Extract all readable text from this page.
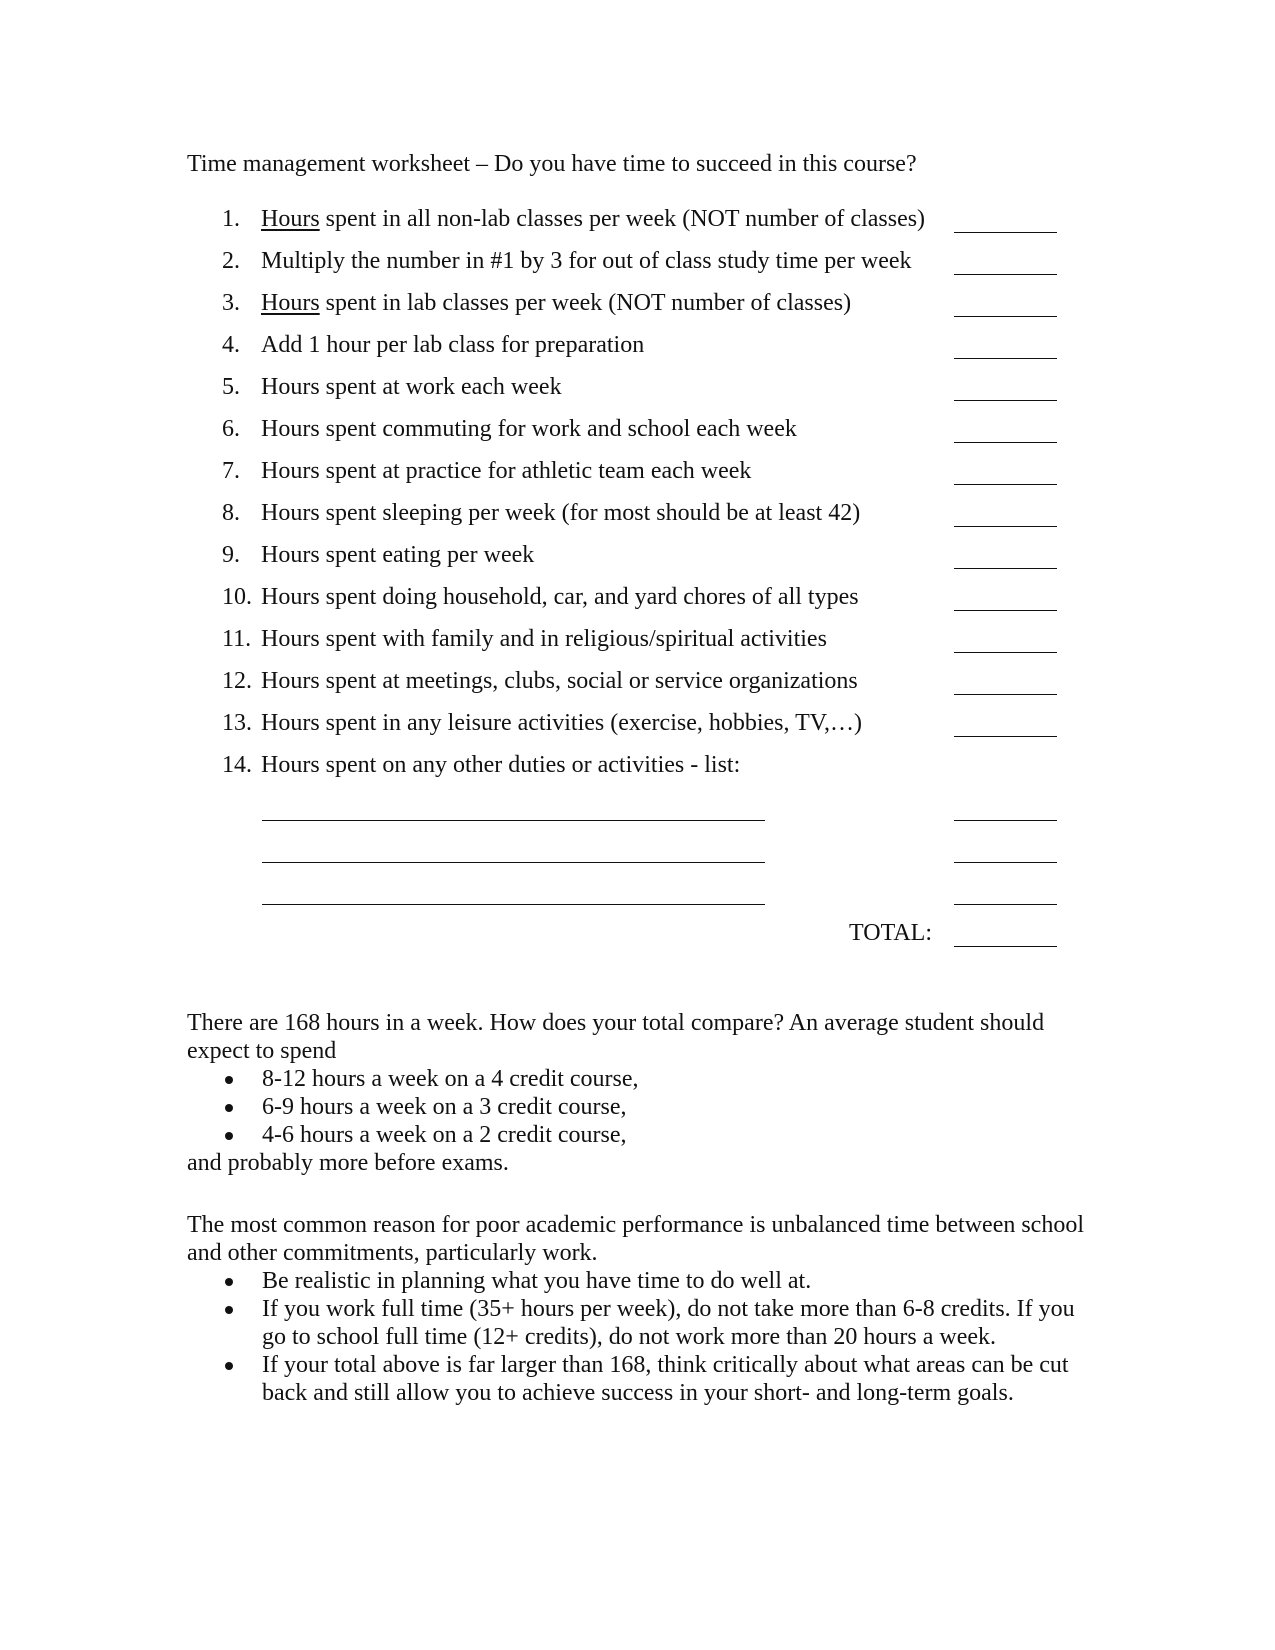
Time management worksheet – Do you have time to succeed in this course?
1. Hours spent in all non-lab classes per week (NOT number of classes)
2. Multiply the number in #1 by 3 for out of class study time per week
3. Hours spent in lab classes per week (NOT number of classes)
4. Add 1 hour per lab class for preparation
5. Hours spent at work each week
6. Hours spent commuting for work and school each week
7. Hours spent at practice for athletic team each week
8. Hours spent sleeping per week (for most should be at least 42)
9. Hours spent eating per week
10. Hours spent doing household, car, and yard chores of all types
11. Hours spent with family and in religious/spiritual activities
12. Hours spent at meetings, clubs, social or service organizations
13. Hours spent in any leisure activities (exercise, hobbies, TV,…)
14. Hours spent on any other duties or activities - list:
TOTAL:

There are 168 hours in a week. How does your total compare? An average student should expect to spend

8-12 hours a week on a 4 credit course,
6-9 hours a week on a 3 credit course,
4-6 hours a week on a 2 credit course,

and probably more before exams.

The most common reason for poor academic performance is unbalanced time between school and other commitments, particularly work.

Be realistic in planning what you have time to do well at.
If you work full time (35+ hours per week), do not take more than 6-8 credits. If you go to school full time (12+ credits), do not work more than 20 hours a week.
If your total above is far larger than 168, think critically about what areas can be cut back and still allow you to achieve success in your short- and long-term goals.
